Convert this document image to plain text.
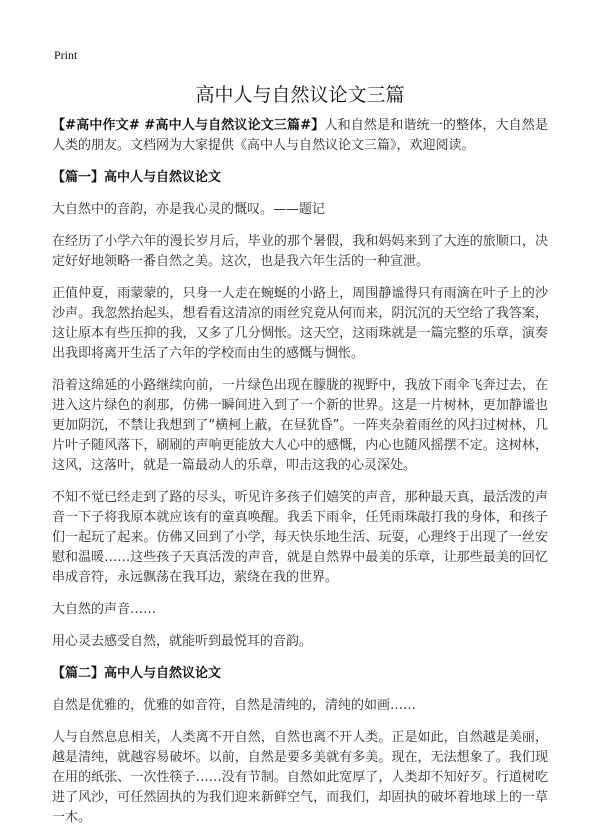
Print
高中人与自然议论文三篇

【#高中作文# #高中人与自然议论文三篇#】人和自然是和谐统一的整体，大自然是人类的朋友。文档网为大家提供《高中人与自然议论文三篇》，欢迎阅读。

【篇一】高中人与自然议论文

大自然中的音韵，亦是我心灵的慨叹。——题记

在经历了小学六年的漫长岁月后，毕业的那个暑假，我和妈妈来到了大连的旅顺口，决定好好地领略一番自然之美。这次，也是我六年生活的一种宣泄。

正值仲夏，雨蒙蒙的，只身一人走在蜿蜒的小路上，周围静谧得只有雨滴在叶子上的沙沙声。我忽然抬起头，想看看这清凉的雨丝究竟从何而来，阴沉沉的天空给了我答案，这让原本有些压抑的我，又多了几分惆怅。这天空，这雨珠就是一篇完整的乐章，演奏出我即将离开生活了六年的学校而由生的感慨与惆怅。

沿着这绵延的小路继续向前，一片绿色出现在朦胧的视野中，我放下雨伞飞奔过去，在进入这片绿色的刹那，仿佛一瞬间进入到了一个新的世界。这是一片树林，更加静谧也更加阴沉，不禁让我想到了“横柯上蔽，在昼犹昏”。一阵夹杂着雨丝的风扫过树林，几片叶子随风落下，刷刷的声响更能放大人心中的感慨，内心也随风摇摆不定。这树林，这风，这落叶，就是一篇最动人的乐章，叩击这我的心灵深处。

不知不觉已经走到了路的尽头，听见许多孩子们嬉笑的声音，那种最天真，最活泼的声音一下子将我原本就应该有的童真唤醒。我丢下雨伞，任凭雨珠敲打我的身体，和孩子们一起玩了起来。仿佛又回到了小学，每天快乐地生活、玩耍，心理终于出现了一丝安慰和温暖……这些孩子天真活泼的声音，就是自然界中最美的乐章，让那些最美的回忆串成音符，永远飘荡在我耳边，萦绕在我的世界。

大自然的声音……

用心灵去感受自然，就能听到最悦耳的音韵。

【篇二】高中人与自然议论文

自然是优雅的，优雅的如音符，自然是清纯的，清纯的如画……

人与自然息息相关，人类离不开自然，自然也离不开人类。正是如此，自然越是美丽，越是清纯，就越容易破坏。以前，自然是要多美就有多美。现在，无法想象了。我们现在用的纸张、一次性筷子……没有节制。自然如此宽厚了，人类却不知好歹。行道树吃进了风沙，可任然固执的为我们迎来新鲜空气，而我们，却固执的破坏着地球上的一草一木。
